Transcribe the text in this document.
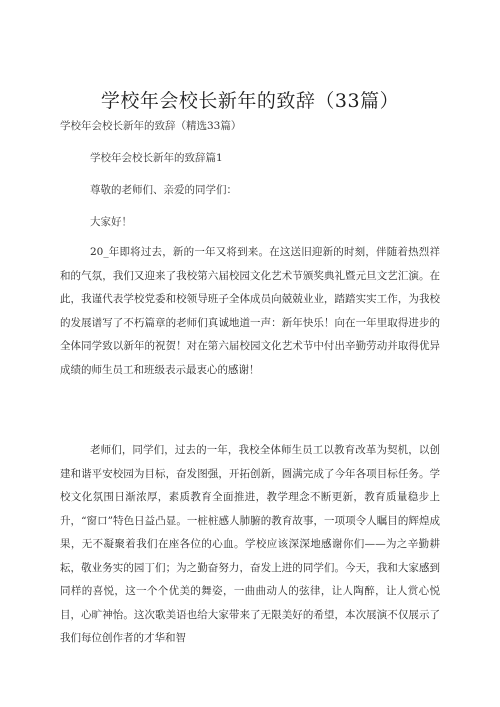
学校年会校长新年的致辞（33篇）
学校年会校长新年的致辞（精选33篇）
学校年会校长新年的致辞篇1
尊敬的老师们、亲爱的同学们：
大家好！

20_年即将过去，新的一年又将到来。在这送旧迎新的时刻，伴随着热烈祥和的气氛，我们又迎来了我校第六届校园文化艺术节颁奖典礼暨元旦文艺汇演。在此，我谨代表学校党委和校领导班子全体成员向兢兢业业，踏踏实实工作，为我校的发展谱写了不朽篇章的老师们真诚地道一声：新年快乐！向在一年里取得进步的全体同学致以新年的祝贺！对在第六届校园文化艺术节中付出辛勤劳动并取得优异成绩的师生员工和班级表示最衷心的感谢！

老师们，同学们，过去的一年，我校全体师生员工以教育改革为契机，以创建和谐平安校园为目标，奋发图强，开拓创新，圆满完成了今年各项目标任务。学校文化氛围日渐浓厚，素质教育全面推进，教学理念不断更新，教育质量稳步上升，“窗口”特色日益凸显。一桩桩感人肺腑的教育故事，一项项令人瞩目的辉煌成果，无不凝聚着我们在座各位的心血。学校应该深深地感谢你们——为之辛勤耕耘，敬业务实的园丁们；为之勤奋努力，奋发上进的同学们。今天，我和大家感到同样的喜悦，这一个个优美的舞姿，一曲曲动人的弦律，让人陶醉，让人赏心悦目，心旷神怡。这次歌美语也给大家带来了无限美好的希望，本次展演不仅展示了我们每位创作者的才华和智
